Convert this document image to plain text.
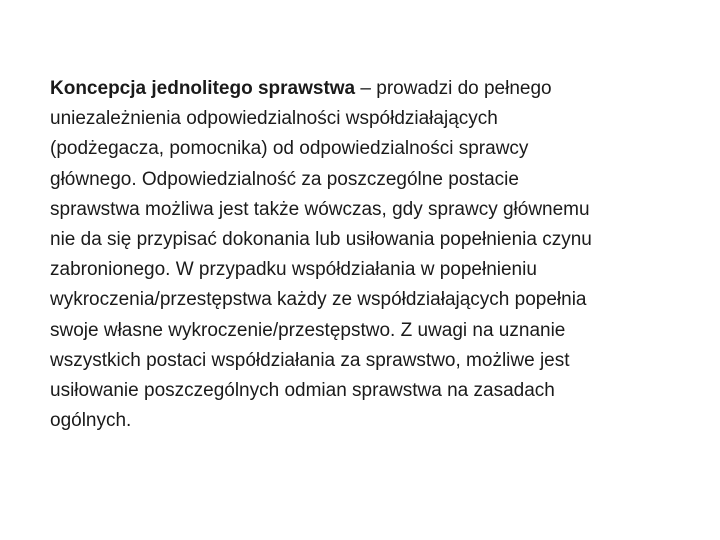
Koncepcja jednolitego sprawstwa – prowadzi do pełnego
uniezależnienia odpowiedzialności współdziałających
(podżegacza, pomocnika) od odpowiedzialności sprawcy
głównego. Odpowiedzialność za poszczególne postacie
sprawstwa możliwa jest także wówczas, gdy sprawcy głównemu
nie da się przypisać dokonania lub usiłowania popełnienia czynu
zabronionego. W przypadku współdziałania w popełnieniu
wykroczenia/przestępstwa każdy ze współdziałających popełnia
swoje własne wykroczenie/przestępstwo. Z uwagi na uznanie
wszystkich postaci współdziałania za sprawstwo, możliwe jest
usiłowanie poszczególnych odmian sprawstwa na zasadach
ogólnych.
